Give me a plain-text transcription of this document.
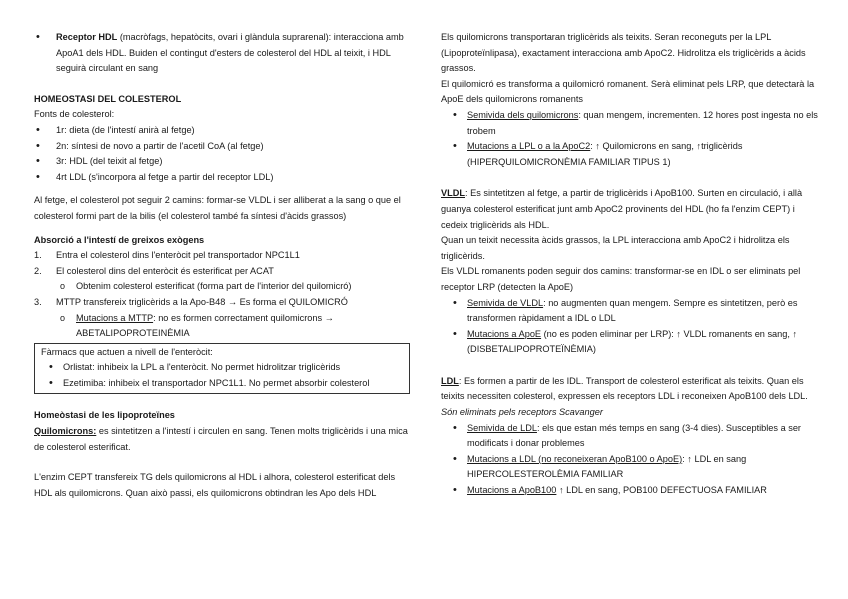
• Receptor HDL (macròfags, hepatòcits, ovari i glàndula suprarenal): interacciona amb ApoA1 dels HDL. Buiden el contingut d'esters de colesterol del HDL al teixit, i HDL seguirà circulant en sang

HOMEOSTASI DEL COLESTEROL

Fonts de colesterol:

• 1r: dieta (de l'intestí anirà al fetge)
• 2n: síntesi de novo a partir de l'acetil CoA (al fetge)
• 3r: HDL (del teixit al fetge)
• 4rt LDL (s'incorpora al fetge a partir del receptor LDL)

Al fetge, el colesterol pot seguir 2 camins: formar-se VLDL i ser alliberat a la sang o que el colesterol formi part de la bilis (el colesterol també fa síntesi d'àcids grassos)

Absorció a l'intestí de greixos exògens

1. Entra el colesterol dins l'enteròcit pel transportador NPC1L1
2. El colesterol dins del enteròcit és esterificat per ACAT
o Obtenim colesterol esterificat (forma part de l'interior del quilomicró)
3. MTTP transfereix triglicèrids a la Apo-B48 → Es forma el QUILOMICRÓ
o Mutacions a MTTP: no es formen correctament quilomicrons → ABETALIPOPROTEINÈMIA

Fàrmacs que actuen a nivell de l'enteròcit:

• Orlistat: inhibeix la LPL a l'enteròcit. No permet hidrolitzar triglicèrids
• Ezetimiba: inhibeix el transportador NPC1L1. No permet absorbir colesterol

Homeòstasi de les lipoproteïnes

Quilomicrons: es sintetitzen a l'intestí i circulen en sang. Tenen molts triglicèrids i una mica de colesterol esterificat.

L'enzim CEPT transfereix TG dels quilomicrons al HDL i alhora, colesterol esterificat dels HDL als quilomicrons. Quan això passi, els quilomicrons obtindran les Apo dels HDL

Els quilomicrons transportaran triglicèrids als teixits. Seran reconeguts per la LPL (Lipoproteïnlipasa), exactament interacciona amb ApoC2. Hidrolitza els triglicèrids a àcids grassos.

El quilomicró es transforma a quilomicró romanent. Serà eliminat pels LRP, que detectarà la ApoE dels quilomicrons romanents

• Semivida dels quilomicrons: quan mengem, incrementen. 12 hores post ingesta no els trobem
• Mutacions a LPL o a la ApoC2: ↑ Quilomicrons en sang, ↑triglicèrids (HIPERQUILOMICRONÈMIA FAMILIAR TIPUS 1)

VLDL: Es sintetitzen al fetge, a partir de triglicèrids i ApoB100. Surten en circulació, i allà guanya colesterol esterificat junt amb ApoC2 provinents del HDL (ho fa l'enzim CEPT) i cedeix triglicèrids als HDL.

Quan un teixit necessita àcids grassos, la LPL interacciona amb ApoC2 i hidrolitza els triglicèrids.

Els VLDL romanents poden seguir dos camins: transformar-se en IDL o ser eliminats pel receptor LRP (detecten la ApoE)

• Semivida de VLDL: no augmenten quan mengem. Sempre es sintetitzen, però es transformen ràpidament a IDL o LDL
• Mutacions a ApoE (no es poden eliminar per LRP): ↑ VLDL romanents en sang, ↑ (DISBETALIPOPROTEÏNÈMIA)

LDL: Es formen a partir de les IDL. Transport de colesterol esterificat als teixits. Quan els teixits necessiten colesterol, expressen els receptors LDL i reconeixen ApoB100 dels LDL.

Són eliminats pels receptors Scavanger

• Semivida de LDL: els que estan més temps en sang (3-4 dies). Susceptibles a ser modificats i donar problemes
• Mutacions a LDL (no reconeixeran ApoB100 o ApoE): ↑ LDL en sang HIPERCOLESTEROLÈMIA FAMILIAR
• Mutacions a ApoB100 ↑ LDL en sang, POB100 DEFECTUOSA FAMILIAR
